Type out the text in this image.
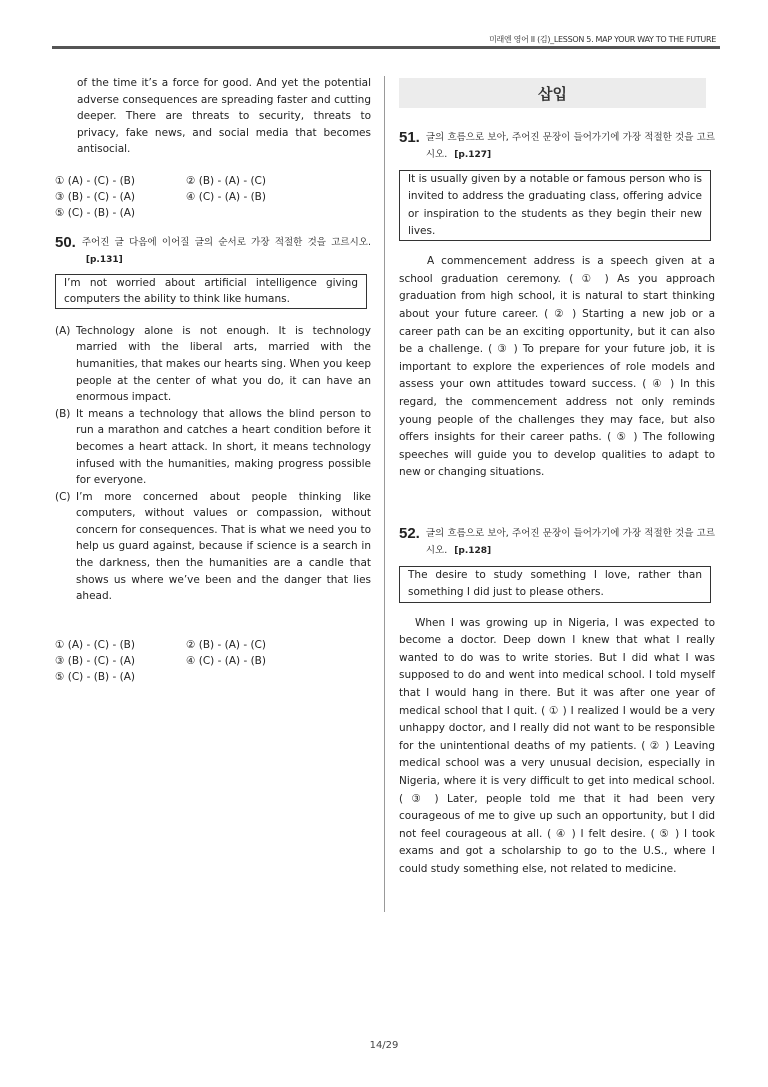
미래엔 영어 II (김)_LESSON 5. MAP YOUR WAY TO THE FUTURE
of the time it’s a force for good. And yet the potential adverse consequences are spreading faster and cutting deeper. There are threats to security, threats to privacy, fake news, and social media that becomes antisocial.
① (A) - (C) - (B)	② (B) - (A) - (C)
③ (B) - (C) - (A)	④ (C) - (A) - (B)
⑤ (C) - (B) - (A)
50. 주어진 글 다음에 이어질 글의 순서로 가장 적절한 것을 고르시오. [p.131]
I’m not worried about artificial intelligence giving computers the ability to think like humans.
(A) Technology alone is not enough. It is technology married with the liberal arts, married with the humanities, that makes our hearts sing. When you keep people at the center of what you do, it can have an enormous impact.
(B) It means a technology that allows the blind person to run a marathon and catches a heart condition before it becomes a heart attack. In short, it means technology infused with the humanities, making progress possible for everyone.
(C) I’m more concerned about people thinking like computers, without values or compassion, without concern for consequences. That is what we need you to help us guard against, because if science is a search in the darkness, then the humanities are a candle that shows us where we’ve been and the danger that lies ahead.
① (A) - (C) - (B)	② (B) - (A) - (C)
③ (B) - (C) - (A)	④ (C) - (A) - (B)
⑤ (C) - (B) - (A)
삽입
51. 글의 흐름으로 보아, 주어진 문장이 들어가기에 가장 적절한 것을 고르시오. [p.127]
It is usually given by a notable or famous person who is invited to address the graduating class, offering advice or inspiration to the students as they begin their new lives.
A commencement address is a speech given at a school graduation ceremony. ( ① ) As you approach graduation from high school, it is natural to start thinking about your future career. ( ② ) Starting a new job or a career path can be an exciting opportunity, but it can also be a challenge. ( ③ ) To prepare for your future job, it is important to explore the experiences of role models and assess your own attitudes toward success. ( ④ ) In this regard, the commencement address not only reminds young people of the challenges they may face, but also offers insights for their career paths. ( ⑤ ) The following speeches will guide you to develop qualities to adapt to new or changing situations.
52. 글의 흐름으로 보아, 주어진 문장이 들어가기에 가장 적절한 것을 고르시오. [p.128]
The desire to study something I love, rather than something I did just to please others.
When I was growing up in Nigeria, I was expected to become a doctor. Deep down I knew that what I really wanted to do was to write stories. But I did what I was supposed to do and went into medical school. I told myself that I would hang in there. But it was after one year of medical school that I quit. ( ① ) I realized I would be a very unhappy doctor, and I really did not want to be responsible for the unintentional deaths of my patients. ( ② ) Leaving medical school was a very unusual decision, especially in Nigeria, where it is very difficult to get into medical school. ( ③ ) Later, people told me that it had been very courageous of me to give up such an opportunity, but I did not feel courageous at all. ( ④ ) I felt desire. ( ⑤ ) I took exams and got a scholarship to go to the U.S., where I could study something else, not related to medicine.
14/29
